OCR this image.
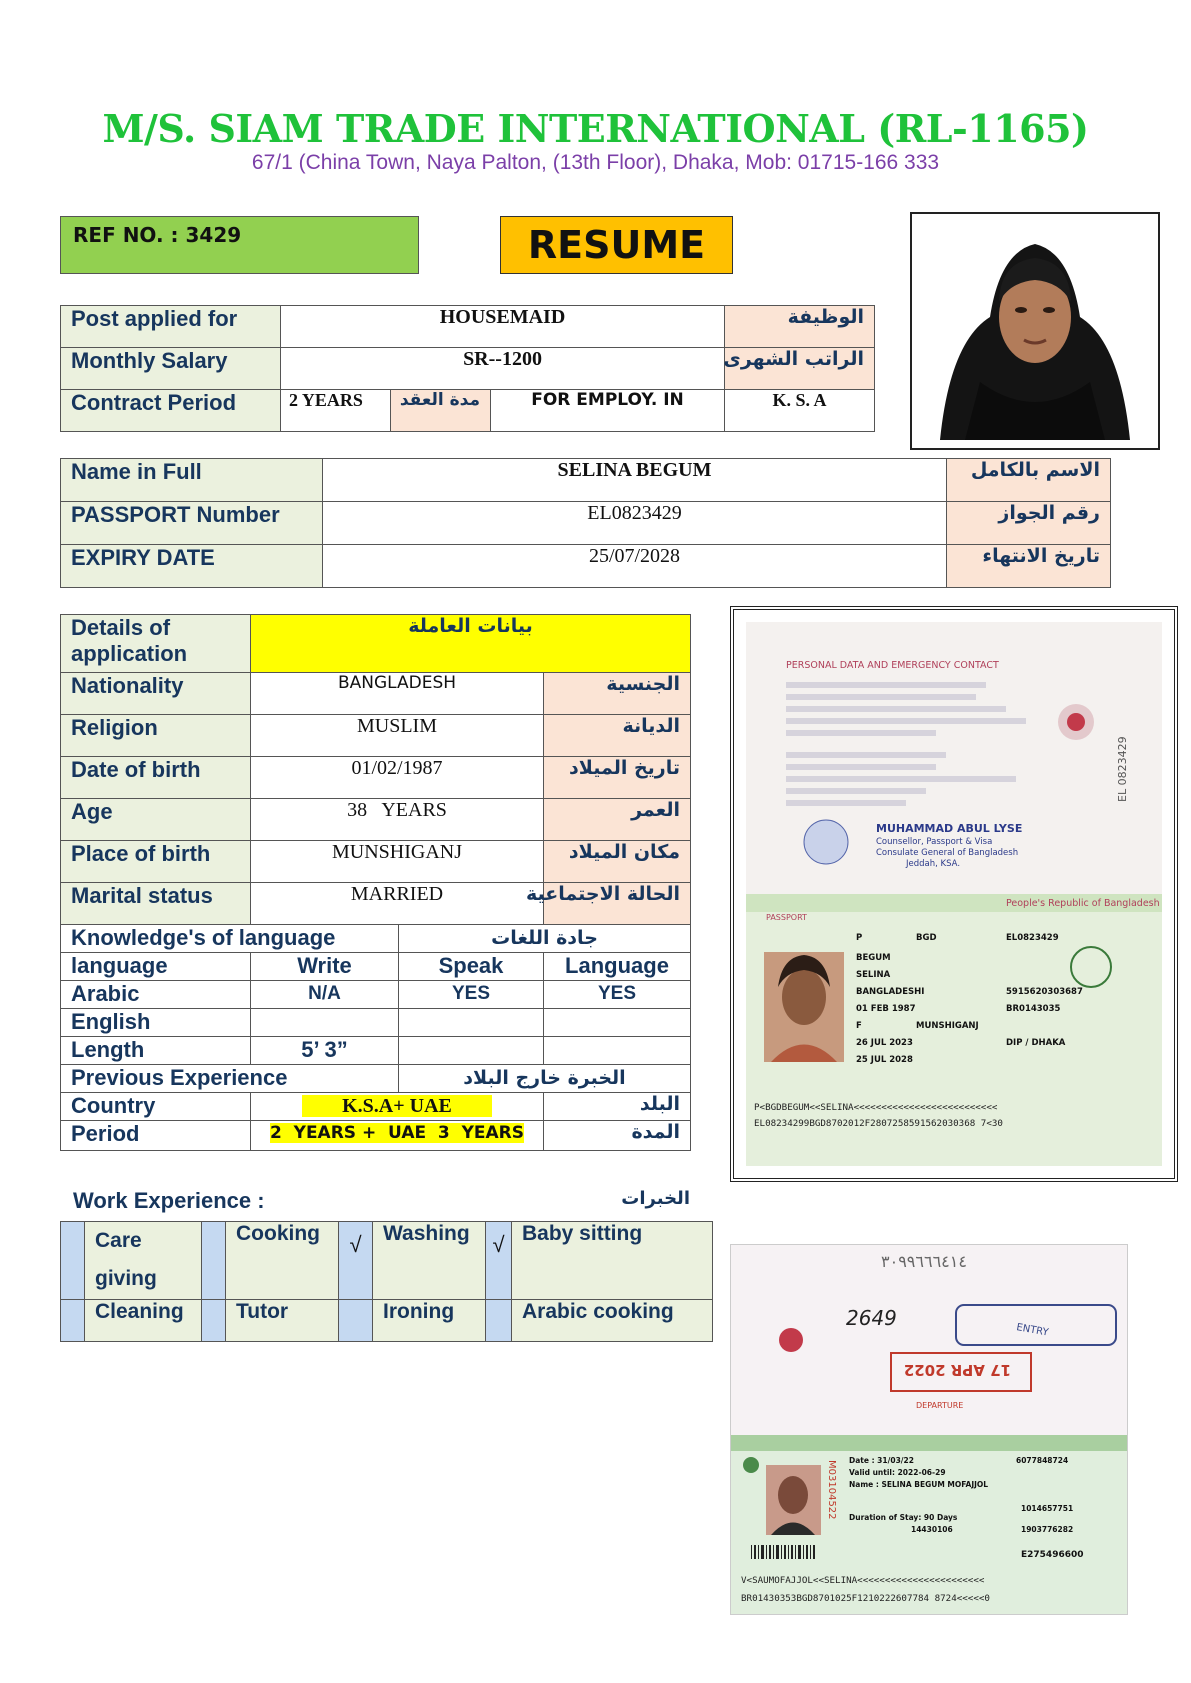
M/S. SIAM TRADE INTERNATIONAL (RL-1165)
67/1 (China Town, Naya Palton, (13th Floor), Dhaka, Mob: 01715-166 333
REF NO. : 3429	RESUME
Post applied for	HOUSEMAID			الوظيفة
Monthly Salary	SR--1200			الراتب الشهرى
Contract Period	2 YEARS	مدة العقد	FOR EMPLOY. IN	K. S. A
Name in Full	SELINA BEGUM	الاسم بالكامل
PASSPORT Number	EL0823429	رقم الجواز
EXPIRY DATE	25/07/2028	تاريخ الانتهاء
Details of application	بيانات العاملة		
Nationality	BANGLADESH		الجنسية
Religion	MUSLIM		الديانة
Date of birth	01/02/1987		تاريخ الميلاد
Age	38   YEARS		العمر
Place of birth	MUNSHIGANJ		مكان الميلاد
Marital status	MARRIED		الحالة الاجتماعية
Knowledge's of language		جادة اللغات	
language	Write	Speak	Language
Arabic	N/A	YES	YES
English			
Length	5’ 3”		
Previous Experience		الخبرة خارج البلاد	
Country	K.S.A+ UAE		البلد
Period	2  YEARS +  UAE  3  YEARS		المدة
Work Experience :	الخبرات
	Care giving		Cooking	√	Washing	√	Baby sitting
	Cleaning		Tutor		Ironing		Arabic cooking
PERSONAL DATA AND EMERGENCY CONTACT
EL 0823429
MUHAMMAD ABUL LYSE
Counsellor, Passport & Visa
Consulate General of Bangladesh
Jeddah, KSA.
People's Republic of Bangladesh
PASSPORT
P	BGD	EL0823429
BEGUM
SELINA
BANGLADESHI	5915620303687
01 FEB 1987	BR0143035
F	MUNSHIGANJ
26 JUL 2023	DIP / DHAKA
25 JUL 2028
P<BGDBEGUM<<SELINA<<<<<<<<<<<<<<<<<<<<<<<<<<
EL08234299BGD8702012F2807258591562030368 7<30
٣٠٩٩٦٦٦٤١٤
ENTRY
2649
17 APR 2022
DEPARTURE
M03104522 Date : 31/03/22	6077848724
Valid until: 2022-06-29
Name : SELINA BEGUM MOFAJJOL
1014657751
Duration of Stay: 90 Days
14430106	1903776282
E275496600
V<SAUMOFAJJOL<<SELINA<<<<<<<<<<<<<<<<<<<<<<<
BR01430353BGD8701025F1210222607784 8724<<<<<0
